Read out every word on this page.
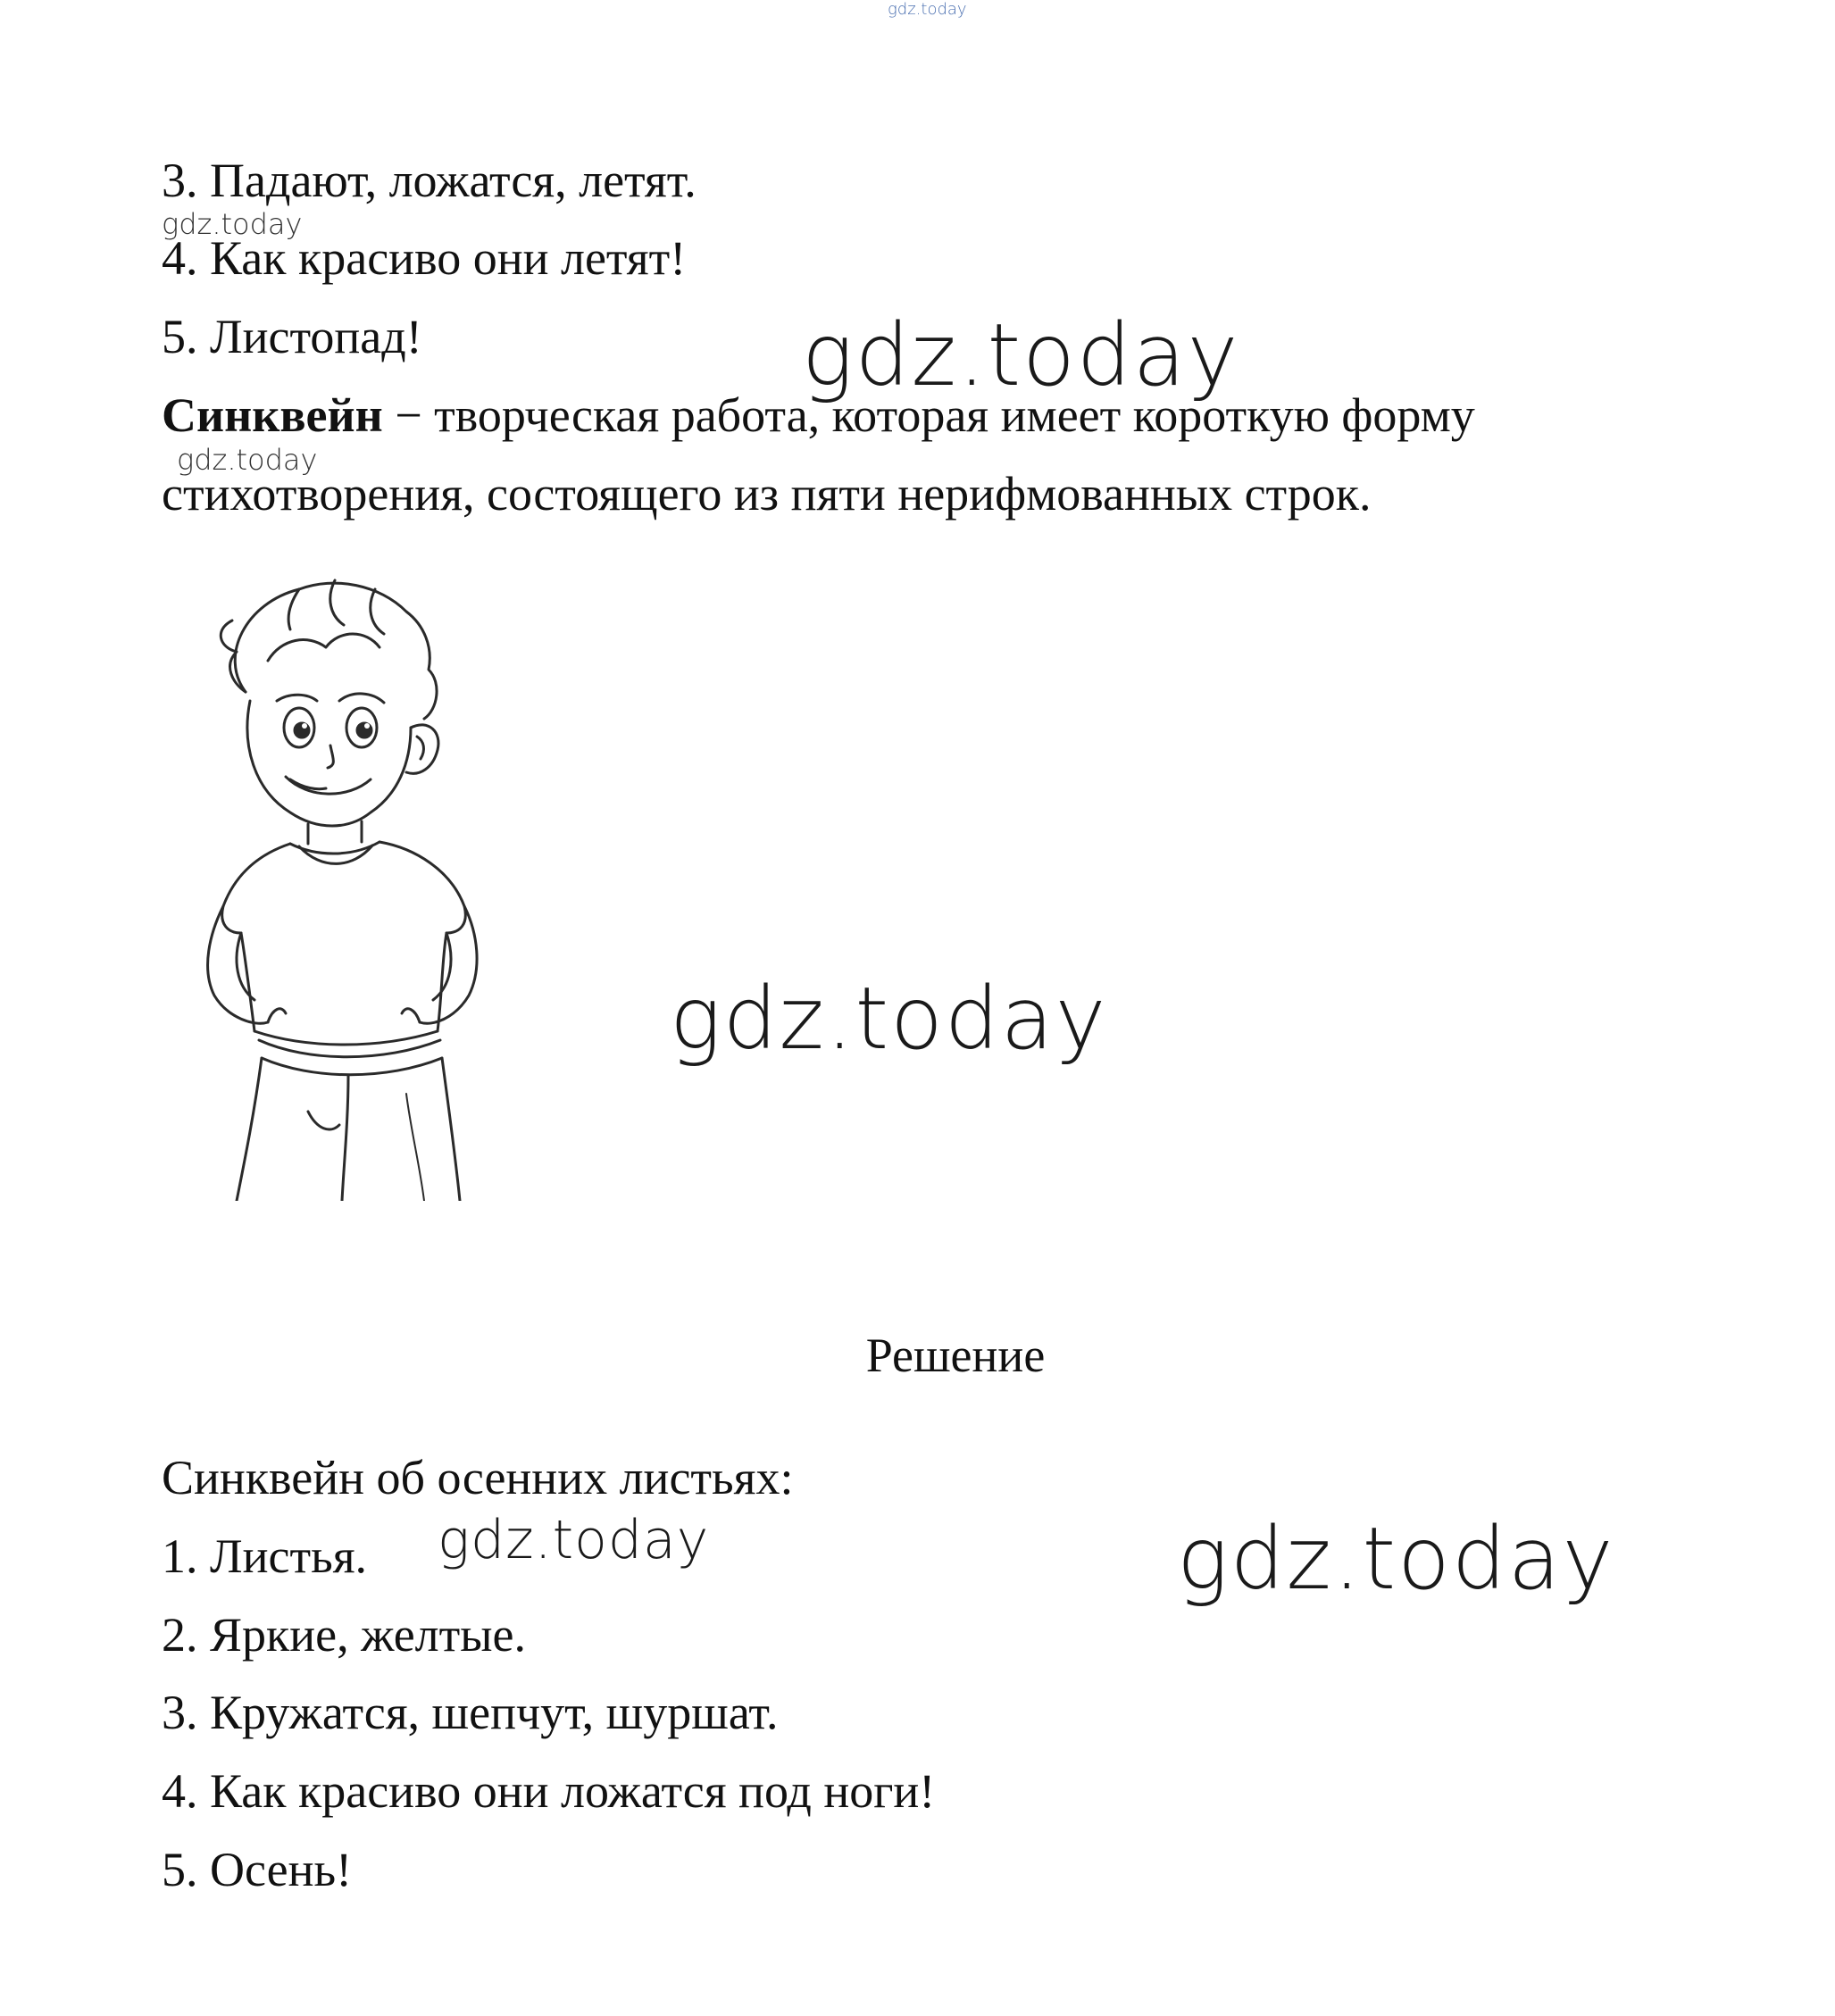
gdz.today
gdz.today
gdz.today
gdz.today
gdz.today
gdz.today	gdz.today

3. Падают, ложатся, летят.

4. Как красиво они летят!

5. Листопад!

Синквейн − творческая работа, которая имеет короткую форму

стихотворения, состоящего из пяти нерифмованных строк.

Решение

Синквейн об осенних листьях:

1. Листья.

2. Яркие, желтые.

3. Кружатся, шепчут, шуршат.

4. Как красиво они ложатся под ноги!

5. Осень!
